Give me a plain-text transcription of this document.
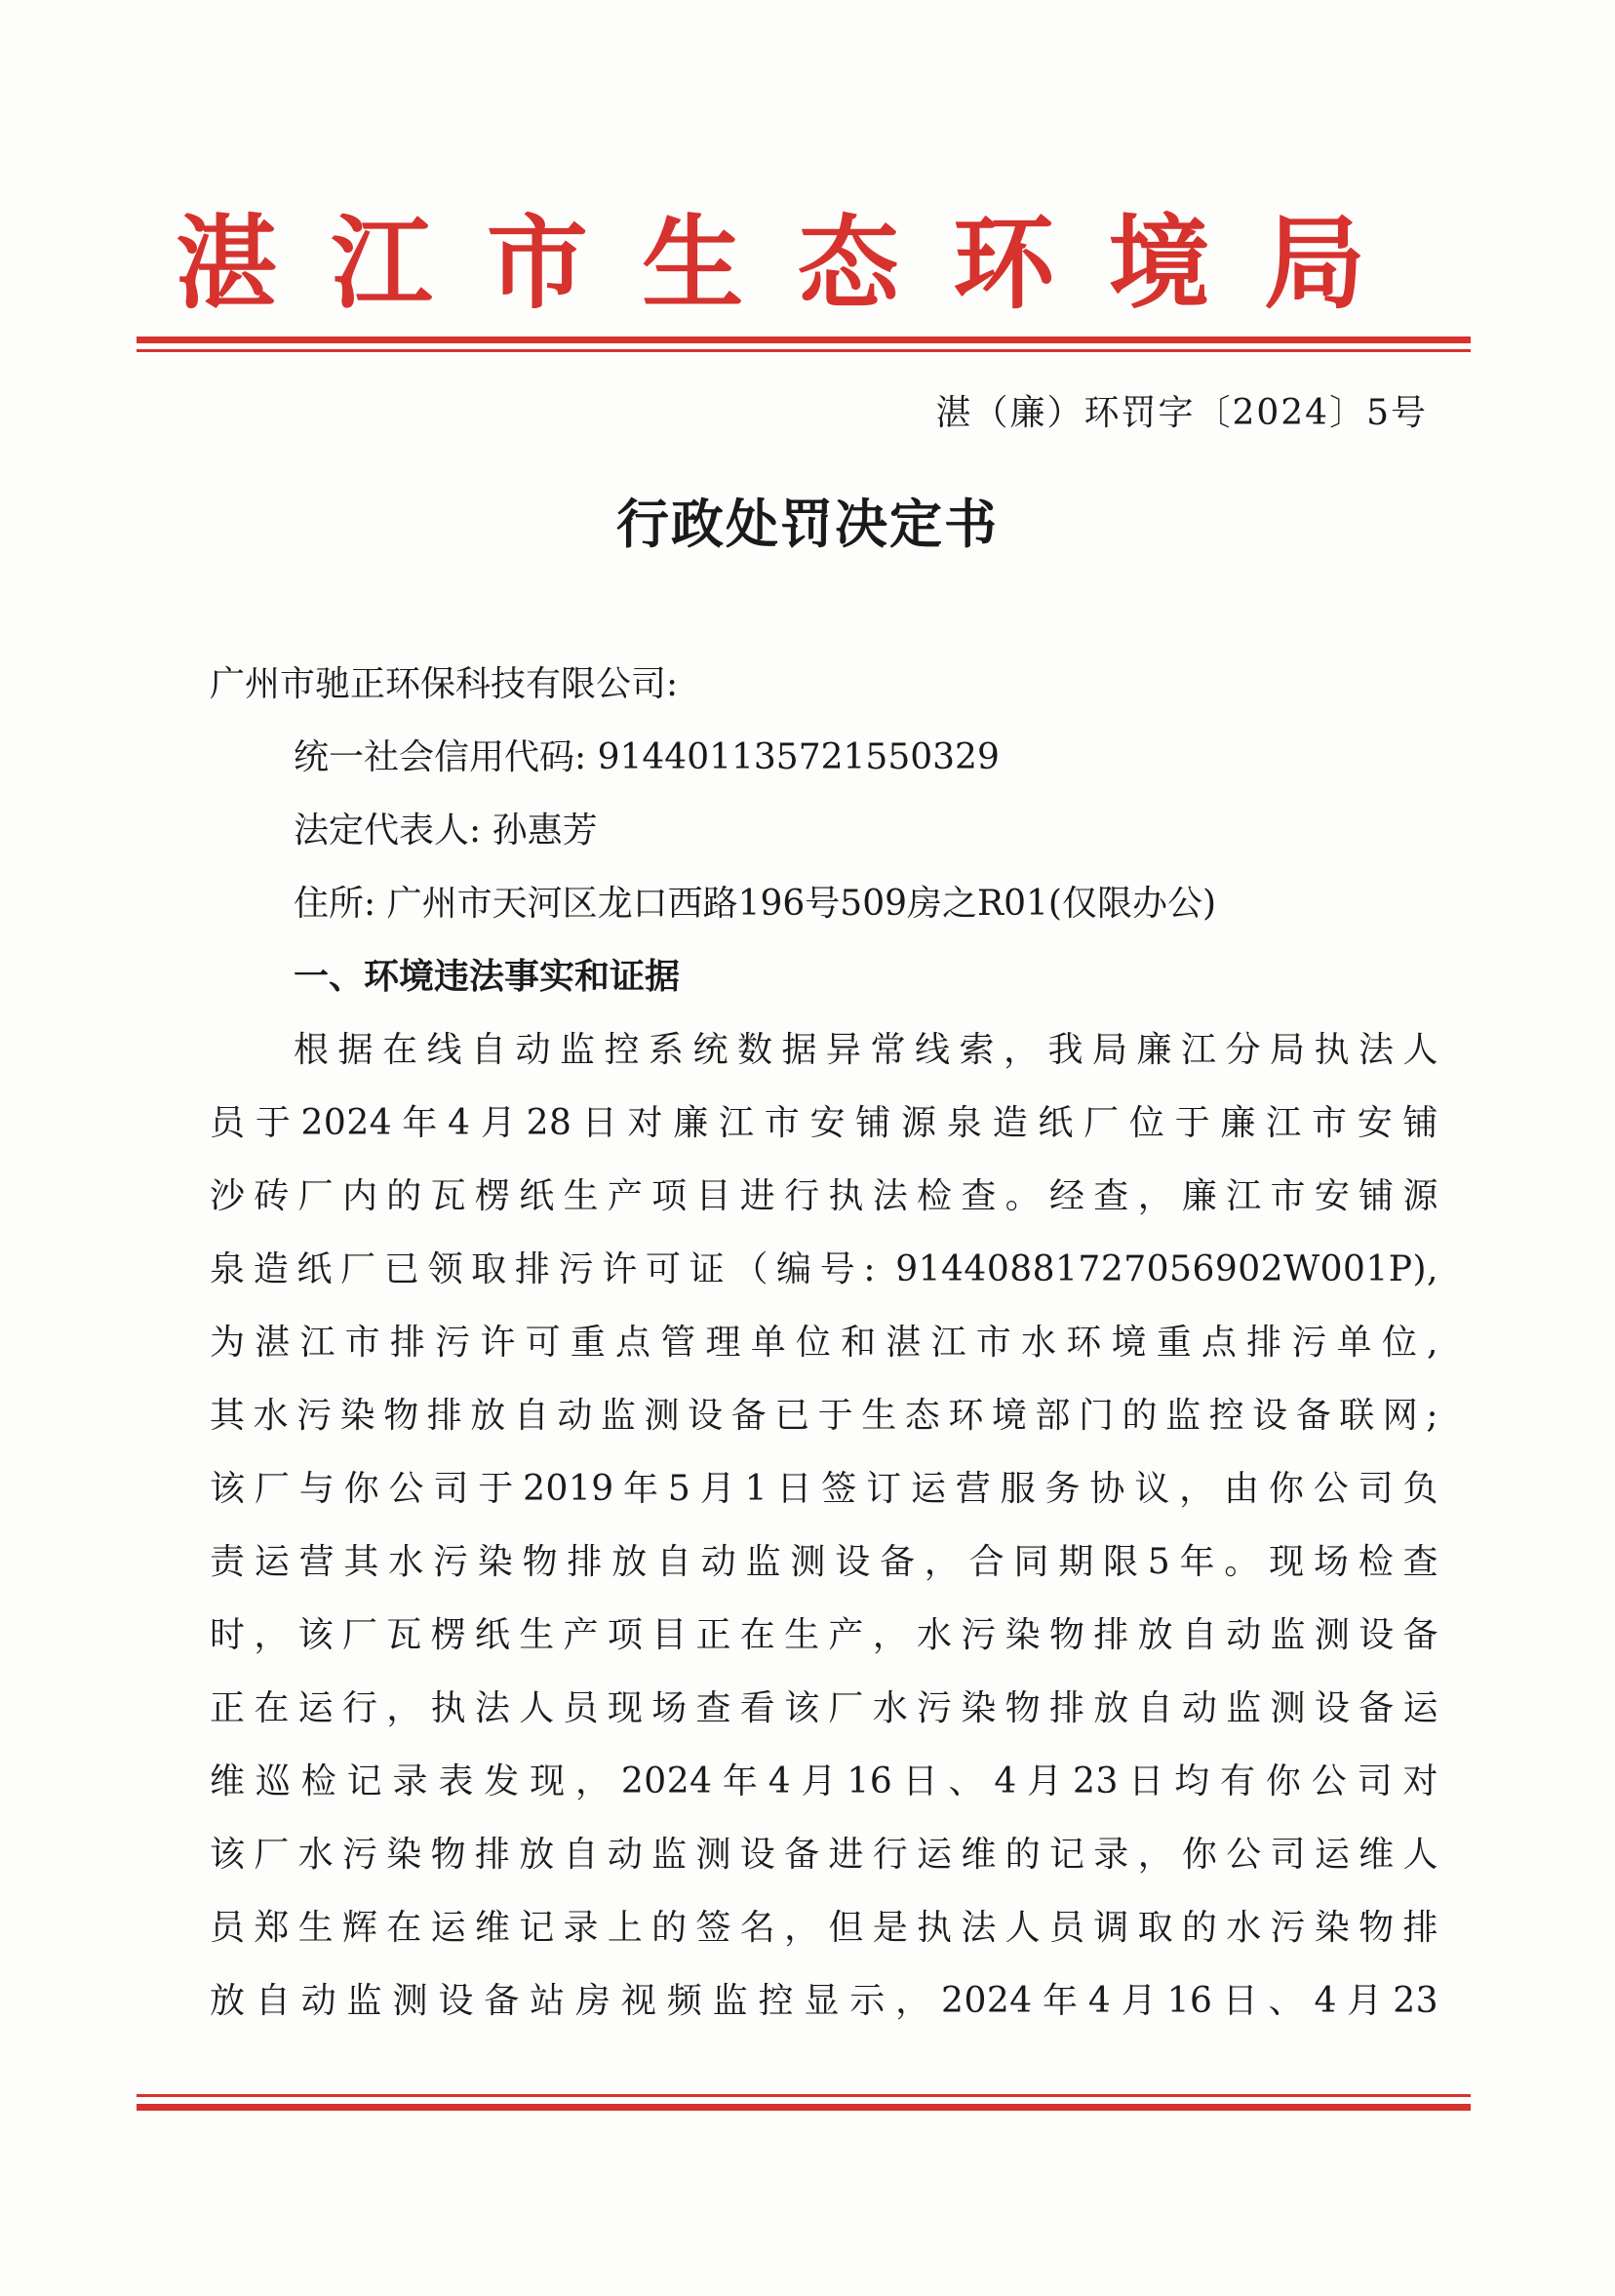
湛 江 市 生 态 环 境 局
湛（廉）环罚字〔2024〕5号
行政处罚决定书
广州市驰正环保科技有限公司:
统一社会信用代码: 914401135721550329
法定代表人: 孙惠芳
住所: 广州市天河区龙口西路196号509房之R01(仅限办公)
一、环境违法事实和证据
根据在线自动监控系统数据异常线索，我局廉江分局执法人
员于2024年4月28日对廉江市安铺源泉造纸厂位于廉江市安铺
沙砖厂内的瓦楞纸生产项目进行执法检查。经查，廉江市安铺源
泉造纸厂已领取排污许可证（编号: 91440881727056902W001P),
为湛江市排污许可重点管理单位和湛江市水环境重点排污单位,
其水污染物排放自动监测设备已于生态环境部门的监控设备联网;
该厂与你公司于2019年5月1日签订运营服务协议，由你公司负
责运营其水污染物排放自动监测设备，合同期限5年。现场检查
时，该厂瓦楞纸生产项目正在生产，水污染物排放自动监测设备
正在运行，执法人员现场查看该厂水污染物排放自动监测设备运
维巡检记录表发现，2024年4月16日、4月23日均有你公司对
该厂水污染物排放自动监测设备进行运维的记录，你公司运维人
员郑生辉在运维记录上的签名，但是执法人员调取的水污染物排
放自动监测设备站房视频监控显示，2024年4月16日、4月23
